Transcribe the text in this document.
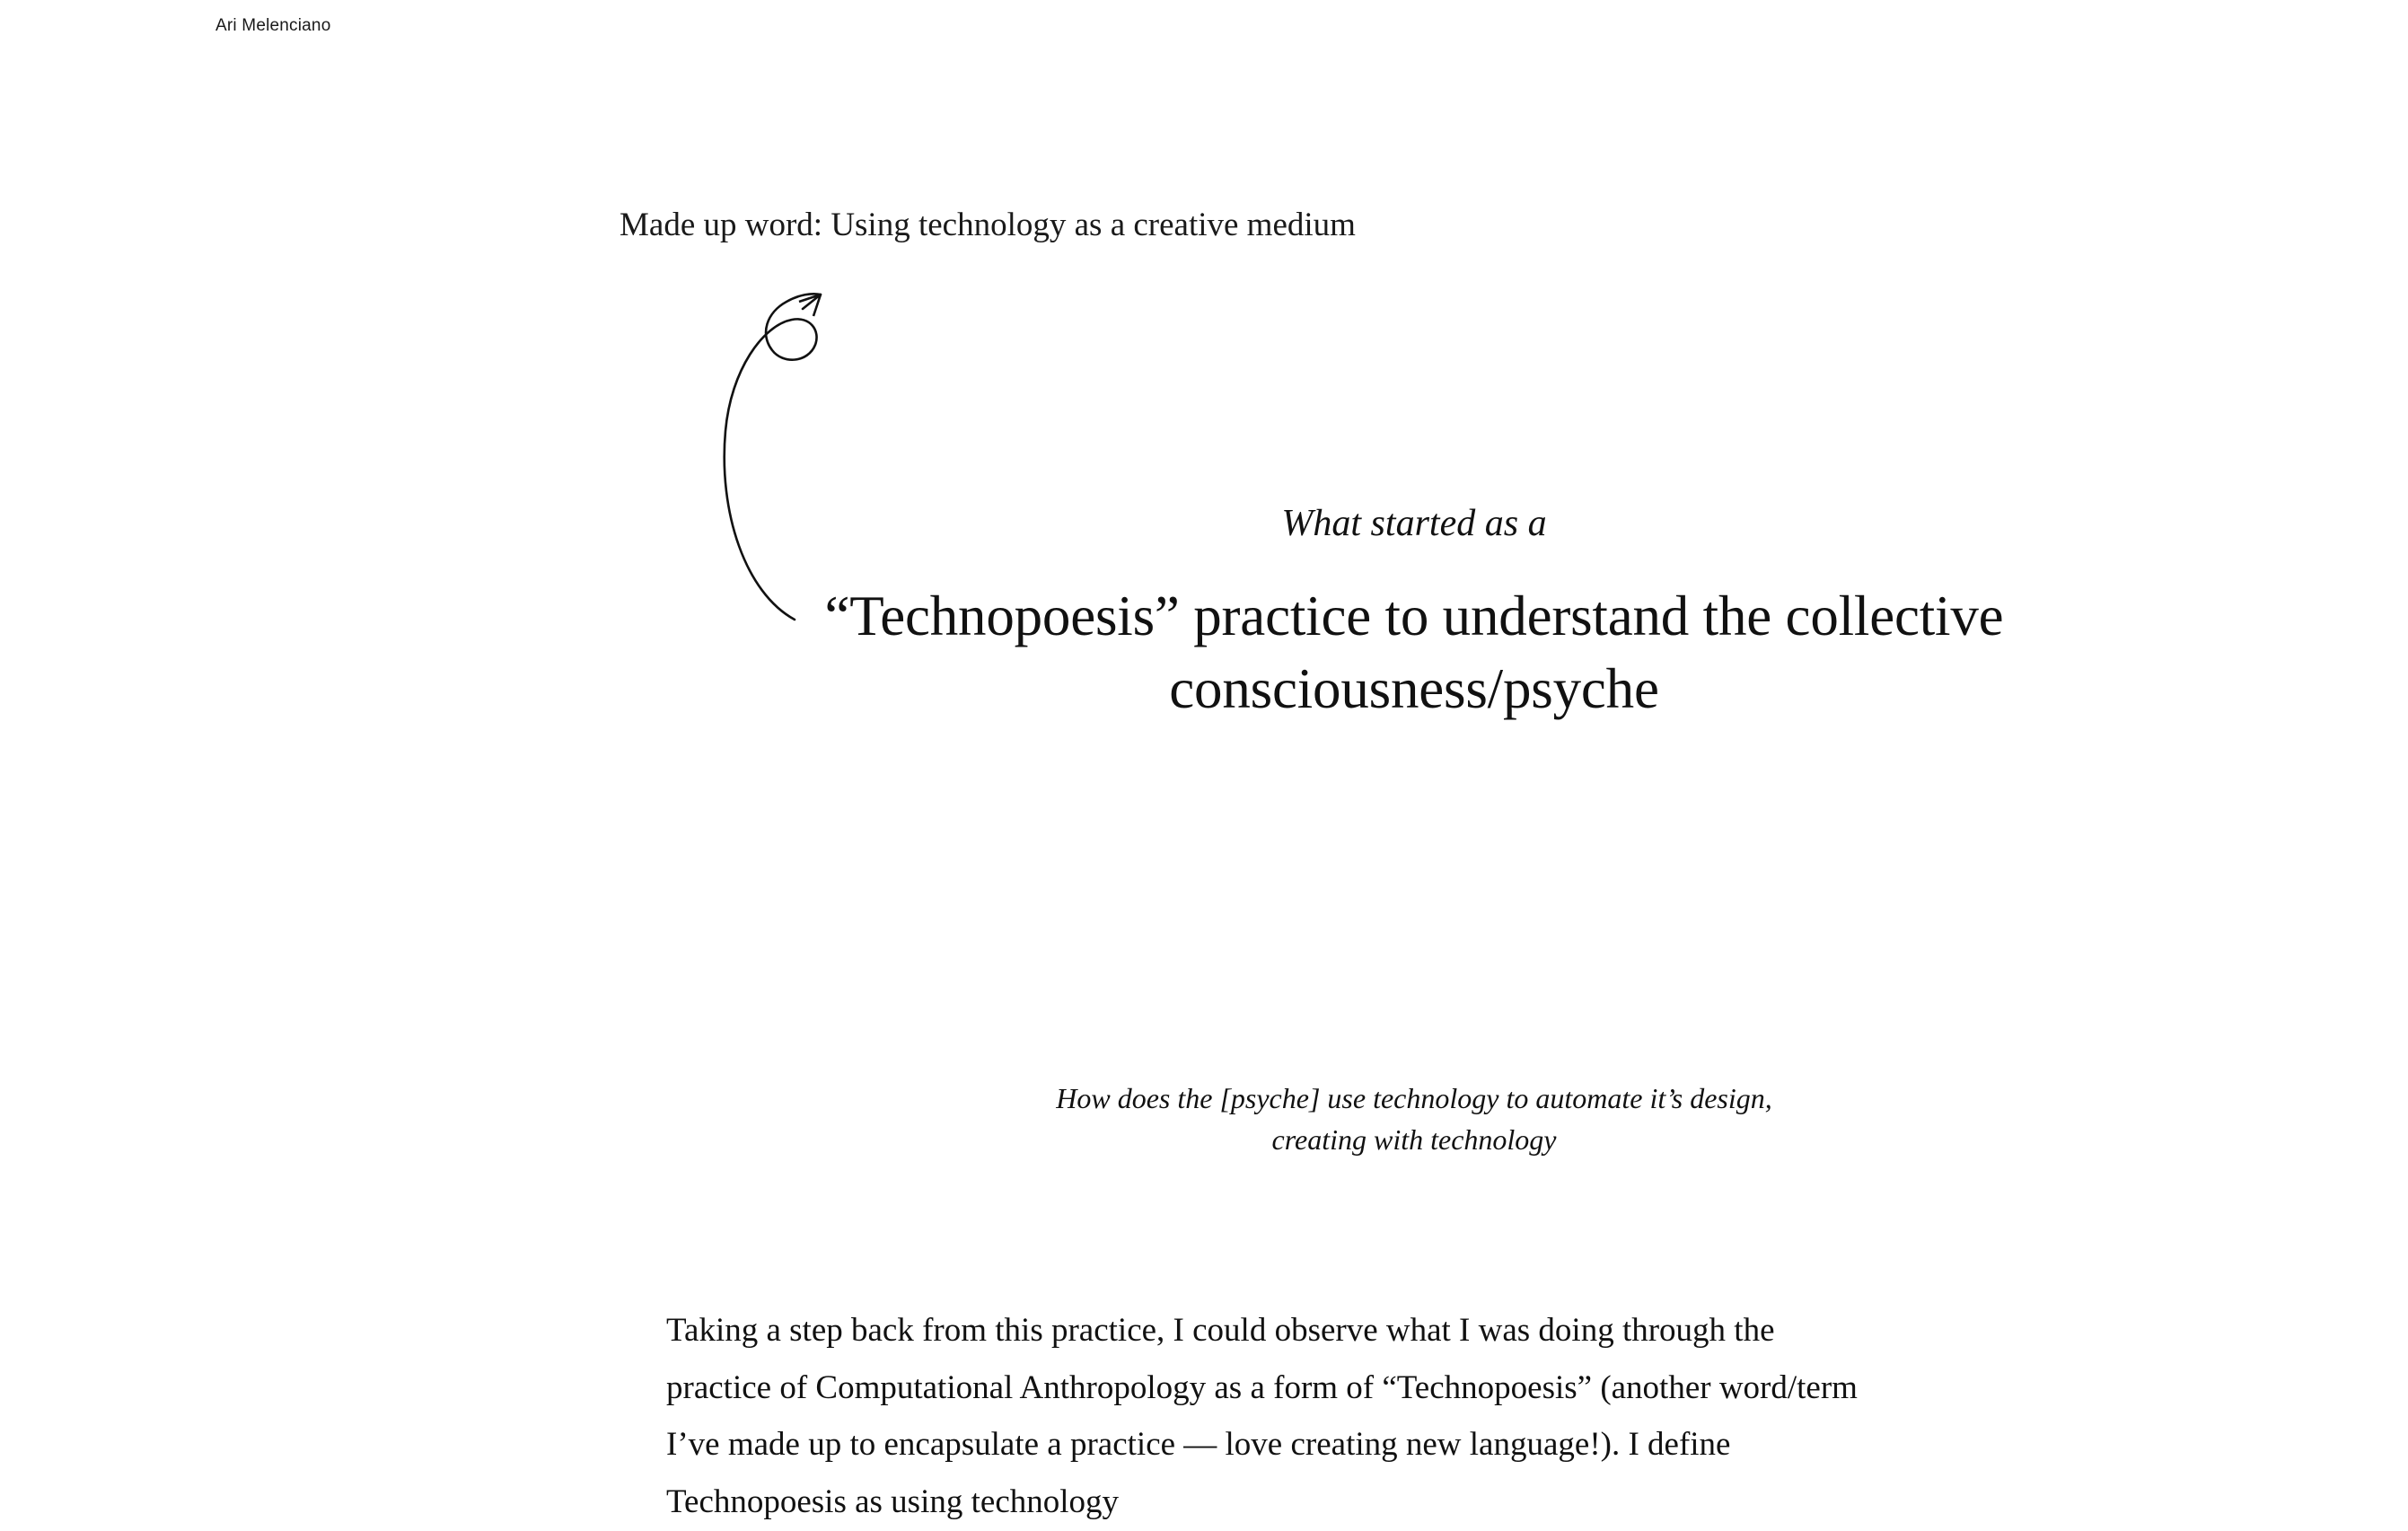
Ari Melenciano
Made up word: Using technology as a creative medium
What started as a
“Technopoesis” practice to understand the collective consciousness/psyche
How does the [psyche] use technology to automate it’s design,
creating with technology

Taking a step back from this practice, I could observe what I was doing through the practice of Computational Anthropology as a form of “Technopoesis” (another word/term I’ve made up to encapsulate a practice — love creating new language!). I define Technopoesis as using technology
